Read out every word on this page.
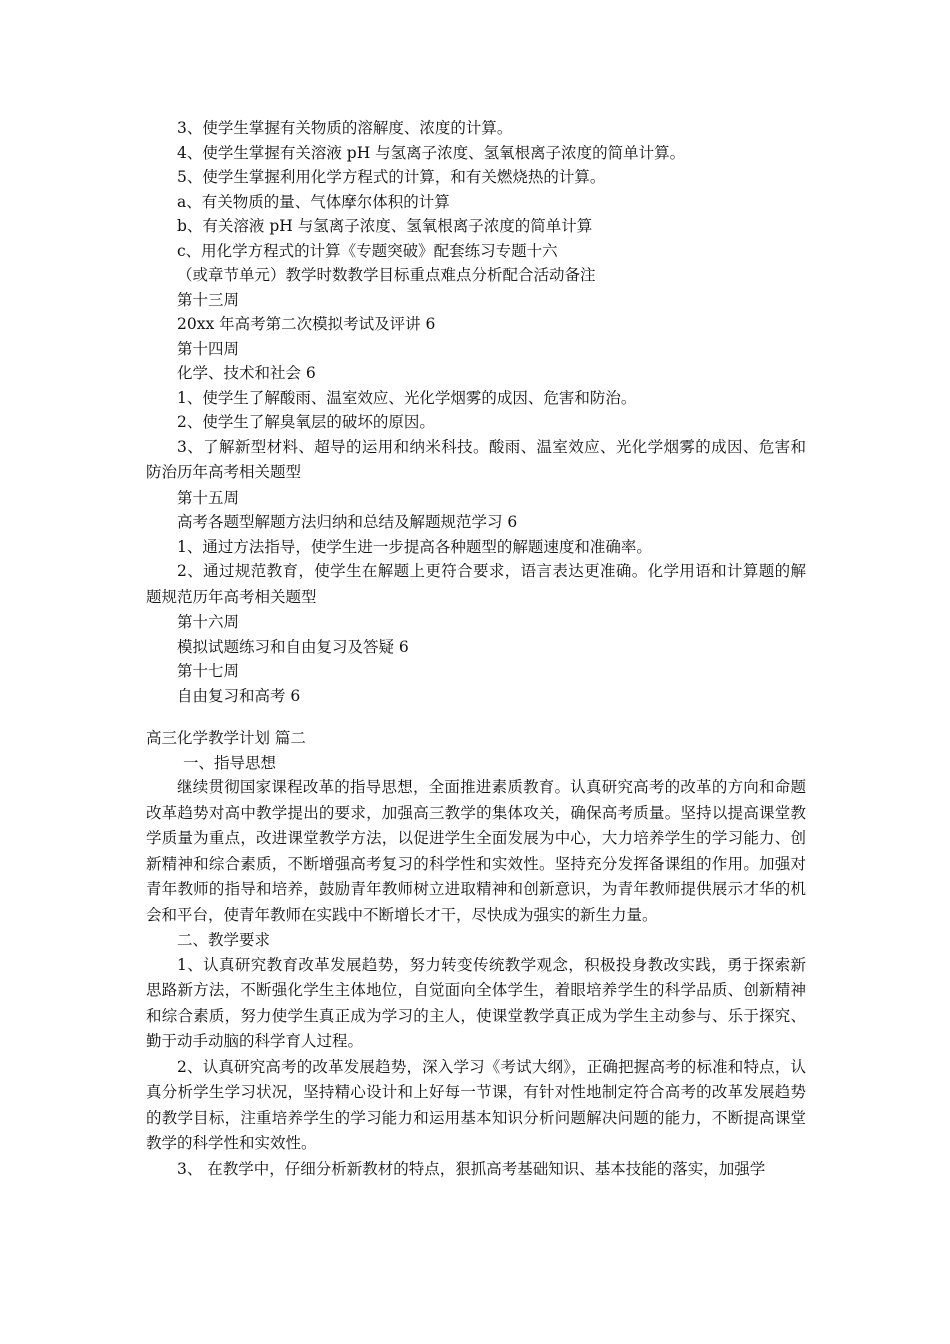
3、使学生掌握有关物质的溶解度、浓度的计算。
4、使学生掌握有关溶液 pH 与氢离子浓度、氢氧根离子浓度的简单计算。
5、使学生掌握利用化学方程式的计算，和有关燃烧热的计算。
a、有关物质的量、气体摩尔体积的计算
b、有关溶液 pH 与氢离子浓度、氢氧根离子浓度的简单计算
c、用化学方程式的计算《专题突破》配套练习专题十六
（或章节单元）教学时数教学目标重点难点分析配合活动备注
第十三周
20xx 年高考第二次模拟考试及评讲 6
第十四周
化学、技术和社会 6
1、使学生了解酸雨、温室效应、光化学烟雾的成因、危害和防治。
2、使学生了解臭氧层的破坏的原因。

3、了解新型材料、超导的运用和纳米科技。酸雨、温室效应、光化学烟雾的成因、危害和防治历年高考相关题型

第十五周
高考各题型解题方法归纳和总结及解题规范学习 6
1、通过方法指导，使学生进一步提高各种题型的解题速度和准确率。

2、通过规范教育，使学生在解题上更符合要求，语言表达更准确。化学用语和计算题的解题规范历年高考相关题型

第十六周
模拟试题练习和自由复习及答疑 6
第十七周
自由复习和高考 6
高三化学教学计划 篇二
一、指导思想

继续贯彻国家课程改革的指导思想，全面推进素质教育。认真研究高考的改革的方向和命题改革趋势对高中教学提出的要求，加强高三教学的集体攻关，确保高考质量。坚持以提高课堂教学质量为重点，改进课堂教学方法，以促进学生全面发展为中心，大力培养学生的学习能力、创新精神和综合素质，不断增强高考复习的科学性和实效性。坚持充分发挥备课组的作用。加强对青年教师的指导和培养，鼓励青年教师树立进取精神和创新意识，为青年教师提供展示才华的机会和平台，使青年教师在实践中不断增长才干，尽快成为强实的新生力量。

二、教学要求

1、认真研究教育改革发展趋势，努力转变传统教学观念，积极投身教改实践，勇于探索新思路新方法，不断强化学生主体地位，自觉面向全体学生，着眼培养学生的科学品质、创新精神和综合素质，努力使学生真正成为学习的主人，使课堂教学真正成为学生主动参与、乐于探究、勤于动手动脑的科学育人过程。

2、认真研究高考的改革发展趋势，深入学习《考试大纲》，正确把握高考的标准和特点，认真分析学生学习状况，坚持精心设计和上好每一节课，有针对性地制定符合高考的改革发展趋势的教学目标，注重培养学生的学习能力和运用基本知识分析问题解决问题的能力，不断提高课堂教学的科学性和实效性。

3、 在教学中，仔细分析新教材的特点，狠抓高考基础知识、基本技能的落实，加强学
